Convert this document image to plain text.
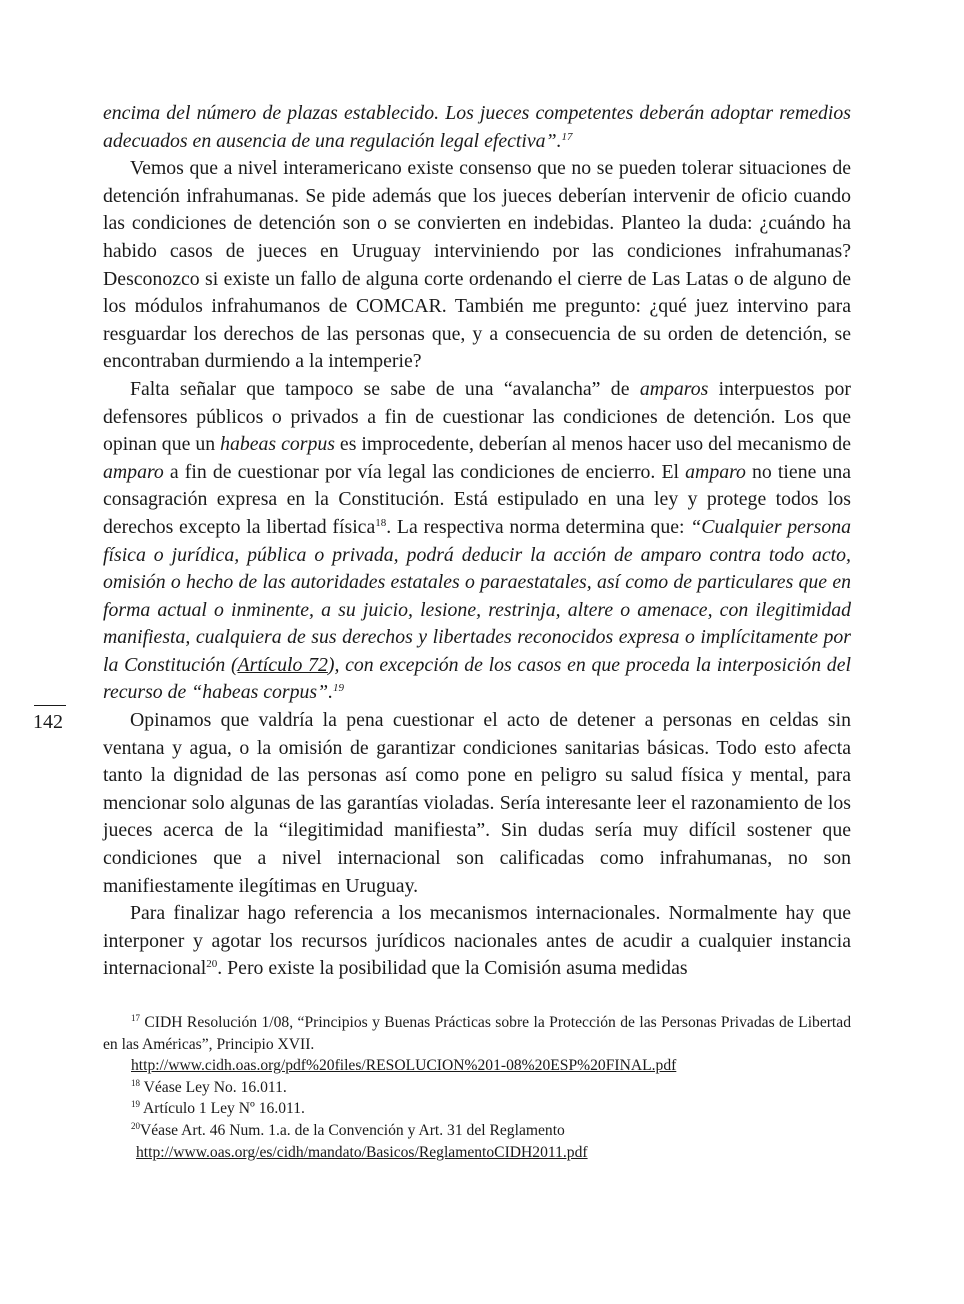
142

encima del número de plazas establecido. Los jueces competentes deberán adoptar remedios adecuados en ausencia de una regulación legal efectiva”.$^{17}$

Vemos que a nivel interamericano existe consenso que no se pueden tolerar situaciones de detención infrahumanas. Se pide además que los jueces deberían intervenir de oficio cuando las condiciones de detención son o se convierten en indebidas. Planteo la duda: ¿cuándo ha habido casos de jueces en Uruguay interviniendo por las condiciones infrahumanas? Desconozco si existe un fallo de alguna corte ordenando el cierre de Las Latas o de alguno de los módulos infrahumanos de COMCAR. También me pregunto: ¿qué juez intervino para resguardar los derechos de las personas que, y a consecuencia de su orden de detención, se encontraban durmiendo a la intemperie?

Falta señalar que tampoco se sabe de una “avalancha” de amparos interpuestos por defensores públicos o privados a fin de cuestionar las condiciones de detención. Los que opinan que un habeas corpus es improcedente, deberían al menos hacer uso del mecanismo de amparo a fin de cuestionar por vía legal las condiciones de encierro. El amparo no tiene una consagración expresa en la Constitución. Está estipulado en una ley y protege todos los derechos excepto la libertad física$^{18}$. La respectiva norma determina que: “Cualquier persona física o jurídica, pública o privada, podrá deducir la acción de amparo contra todo acto, omisión o hecho de las autoridades estatales o paraestatales, así como de particulares que en forma actual o inminente, a su juicio, lesione, restrinja, altere o amenace, con ilegitimidad manifiesta, cualquiera de sus derechos y libertades reconocidos expresa o implícitamente por la Constitución (Artículo 72), con excepción de los casos en que proceda la interposición del recurso de “habeas corpus”.$^{19}$

Opinamos que valdría la pena cuestionar el acto de detener a personas en celdas sin ventana y agua, o la omisión de garantizar condiciones sanitarias básicas. Todo esto afecta tanto la dignidad de las personas así como pone en peligro su salud física y mental, para mencionar solo algunas de las garantías violadas. Sería interesante leer el razonamiento de los jueces acerca de la “ilegitimidad manifiesta”. Sin dudas sería muy difícil sostener que condiciones que a nivel internacional son calificadas como infrahumanas, no son manifiestamente ilegítimas en Uruguay.

Para finalizar hago referencia a los mecanismos internacionales. Normalmente hay que interponer y agotar los recursos jurídicos nacionales antes de acudir a cualquier instancia internacional$^{20}$. Pero existe la posibilidad que la Comisión asuma medidas

$^{17}$ CIDH Resolución 1/08, “Principios y Buenas Prácticas sobre la Protección de las Personas Privadas de Libertad en las Américas”, Principio XVII.

http://www.cidh.oas.org/pdf%20files/RESOLUCION%201-08%20ESP%20FINAL.pdf

$^{18}$ Véase Ley No. 16.011.

$^{19}$ Artículo 1 Ley Nº 16.011.

$^{20}$Véase Art. 46 Num. 1.a. de la Convención y Art. 31 del Reglamento

http://www.oas.org/es/cidh/mandato/Basicos/ReglamentoCIDH2011.pdf
